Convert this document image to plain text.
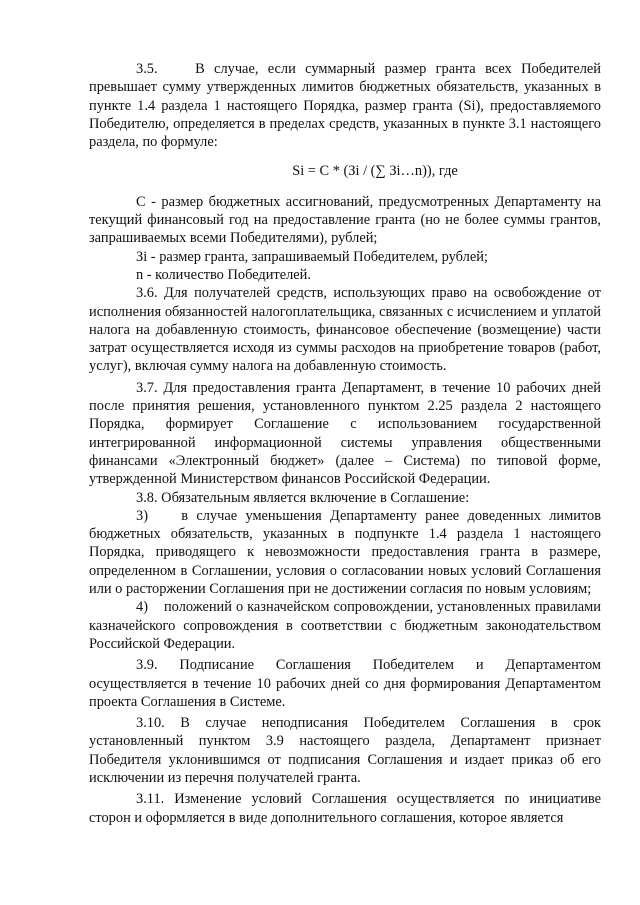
3.5.    В случае, если суммарный размер гранта всех Победителей превышает сумму утвержденных лимитов бюджетных обязательств, указанных в пункте 1.4 раздела 1 настоящего Порядка, размер гранта (Si), предоставляемого Победителю, определяется в пределах средств, указанных в пункте 3.1 настоящего раздела, по формуле:

Si = С * (Зi / (∑ Зi…n)), где

С - размер бюджетных ассигнований, предусмотренных Департаменту на текущий финансовый год на предоставление гранта (но не более суммы грантов, запрашиваемых всеми Победителями), рублей;

Зi - размер гранта, запрашиваемый Победителем, рублей;

n - количество Победителей.

3.6. Для получателей средств, использующих право на освобождение от исполнения обязанностей налогоплательщика, связанных с исчислением и уплатой налога на добавленную стоимость, финансовое обеспечение (возмещение) части затрат осуществляется исходя из суммы расходов на приобретение товаров (работ, услуг), включая сумму налога на добавленную стоимость.

3.7. Для предоставления гранта Департамент, в течение 10 рабочих дней после принятия решения, установленного пунктом 2.25 раздела 2 настоящего Порядка, формирует Соглашение с использованием государственной интегрированной информационной системы управления общественными финансами «Электронный бюджет» (далее – Система) по типовой форме, утвержденной Министерством финансов Российской Федерации.

3.8. Обязательным является включение в Соглашение:

3)    в случае уменьшения Департаменту ранее доведенных лимитов бюджетных обязательств, указанных в подпункте 1.4 раздела 1 настоящего Порядка, приводящего к невозможности предоставления гранта в размере, определенном в Соглашении, условия о согласовании новых условий Соглашения или о расторжении Соглашения при не достижении согласия по новым условиям;

4)    положений о казначейском сопровождении, установленных правилами казначейского сопровождения в соответствии с бюджетным законодательством Российской Федерации.

3.9. Подписание Соглашения Победителем и Департаментом осуществляется в течение 10 рабочих дней со дня формирования Департаментом проекта Соглашения в Системе.

3.10. В случае неподписания Победителем Соглашения в срок установленный пунктом 3.9 настоящего раздела, Департамент признает Победителя уклонившимся от подписания Соглашения и издает приказ об его исключении из перечня получателей гранта.

3.11. Изменение условий Соглашения осуществляется по инициативе сторон и оформляется в виде дополнительного соглашения, которое является
